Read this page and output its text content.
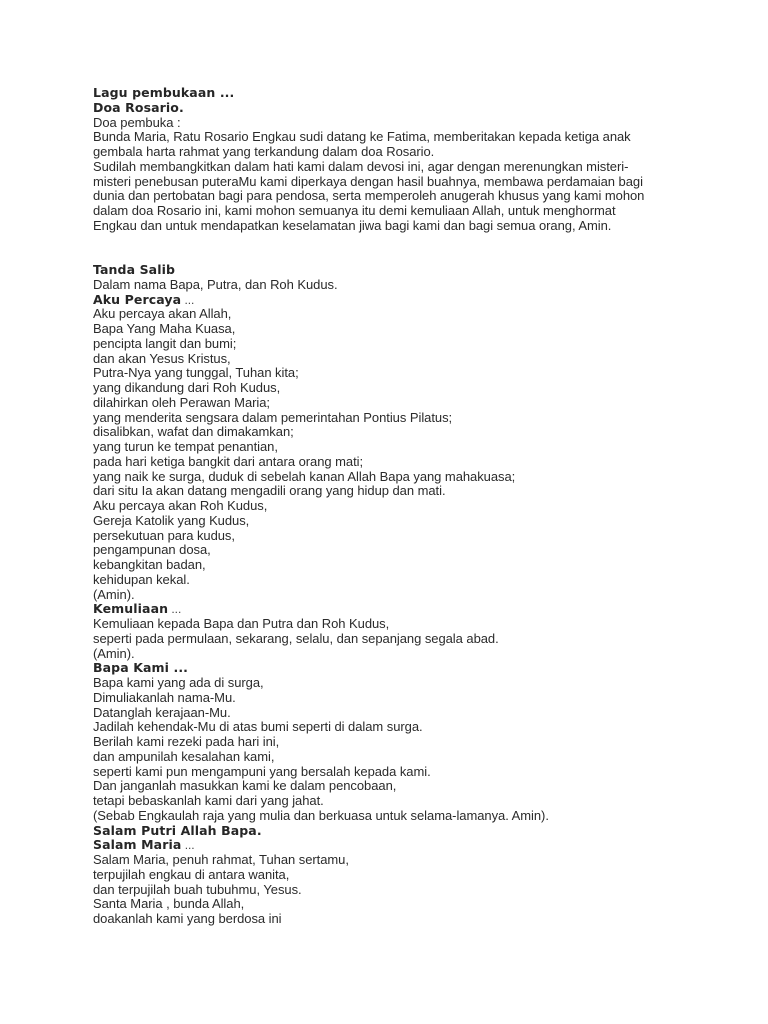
Lagu pembukaan ...
Doa Rosario.
Doa pembuka :
Bunda Maria, Ratu Rosario Engkau sudi datang ke Fatima, memberitakan kepada ketiga anak
gembala harta rahmat yang terkandung dalam doa Rosario.
Sudilah membangkitkan dalam hati kami dalam devosi ini, agar dengan merenungkan misteri-
misteri penebusan puteraMu kami diperkaya dengan hasil buahnya, membawa perdamaian bagi
dunia dan pertobatan bagi para pendosa, serta memperoleh anugerah khusus yang kami mohon
dalam doa Rosario ini, kami mohon semuanya itu demi kemuliaan Allah, untuk menghormat
Engkau dan untuk mendapatkan keselamatan jiwa bagi kami dan bagi semua orang, Amin.
Tanda Salib
Dalam nama Bapa, Putra, dan Roh Kudus.
Aku Percaya ...
Aku percaya akan Allah,
Bapa Yang Maha Kuasa,
pencipta langit dan bumi;
dan akan Yesus Kristus,
Putra-Nya yang tunggal, Tuhan kita;
yang dikandung dari Roh Kudus,
dilahirkan oleh Perawan Maria;
yang menderita sengsara dalam pemerintahan Pontius Pilatus;
disalibkan, wafat dan dimakamkan;
yang turun ke tempat penantian,
pada hari ketiga bangkit dari antara orang mati;
yang naik ke surga, duduk di sebelah kanan Allah Bapa yang mahakuasa;
dari situ Ia akan datang mengadili orang yang hidup dan mati.
Aku percaya akan Roh Kudus,
Gereja Katolik yang Kudus,
persekutuan para kudus,
pengampunan dosa,
kebangkitan badan,
kehidupan kekal.
(Amin).
Kemuliaan ...
Kemuliaan kepada Bapa dan Putra dan Roh Kudus,
seperti pada permulaan, sekarang, selalu, dan sepanjang segala abad.
(Amin).
Bapa Kami ...
Bapa kami yang ada di surga,
Dimuliakanlah nama-Mu.
Datanglah kerajaan-Mu.
Jadilah kehendak-Mu di atas bumi seperti di dalam surga.
Berilah kami rezeki pada hari ini,
dan ampunilah kesalahan kami,
seperti kami pun mengampuni yang bersalah kepada kami.
Dan janganlah masukkan kami ke dalam pencobaan,
tetapi bebaskanlah kami dari yang jahat.
(Sebab Engkaulah raja yang mulia dan berkuasa untuk selama-lamanya. Amin).
Salam Putri Allah Bapa.
Salam Maria ...
Salam Maria, penuh rahmat, Tuhan sertamu,
terpujilah engkau di antara wanita,
dan terpujilah buah tubuhmu, Yesus.
Santa Maria , bunda Allah,
doakanlah kami yang berdosa ini
